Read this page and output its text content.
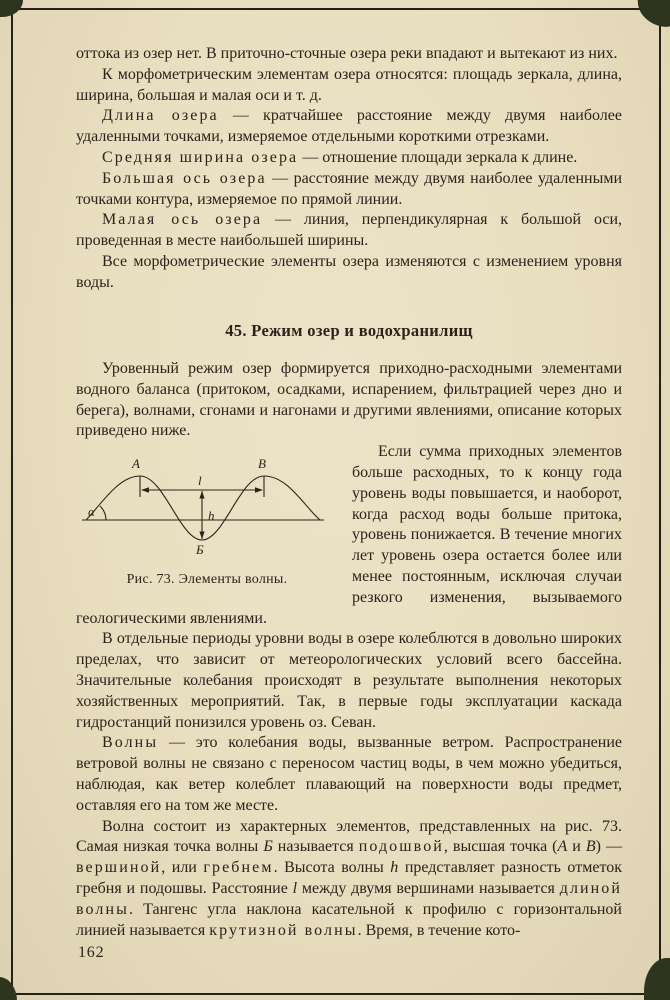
оттока из озер нет. В приточно-сточные озера реки впадают и вытекают из них.

К морфометрическим элементам озера относятся: площадь зеркала, длина, ширина, большая и малая оси и т. д.

Длина озера — кратчайшее расстояние между двумя наиболее удаленными точками, измеряемое отдельными короткими отрезками.

Средняя ширина озера — отношение площади зеркала к длине.

Большая ось озера — расстояние между двумя наиболее удаленными точками контура, измеряемое по прямой линии.

Малая ось озера — линия, перпендикулярная к большой оси, проведенная в месте наибольшей ширины.

Все морфометрические элементы озера изменяются с изменением уровня воды.

45. Режим озер и водохранилищ

Уровенный режим озер формируется приходно-расходными элементами водного баланса (притоком, осадками, испарением, фильтрацией через дно и берега), волнами, сгонами и нагонами и другими явлениями, описание которых приведено ниже.

А	В
l
h
Б
α
Рис. 73. Элементы волны.

Если сумма приходных элементов больше расходных, то к концу года уровень воды повышается, и наоборот, когда расход воды больше притока, уровень понижается. В течение многих лет уровень озера остается более или менее постоянным, исключая случаи резкого изменения, вызываемого геологическими явлениями.

В отдельные периоды уровни воды в озере колеблются в довольно широких пределах, что зависит от метеорологических условий всего бассейна. Значительные колебания происходят в результате выполнения некоторых хозяйственных мероприятий. Так, в первые годы эксплуатации каскада гидростанций понизился уровень оз. Севан.

Волны — это колебания воды, вызванные ветром. Распространение ветровой волны не связано с переносом частиц воды, в чем можно убедиться, наблюдая, как ветер колеблет плавающий на поверхности воды предмет, оставляя его на том же месте.

Волна состоит из характерных элементов, представленных на рис. 73. Самая низкая точка волны Б называется подошвой, высшая точка (А и В) — вершиной, или гребнем. Высота волны h представляет разность отметок гребня и подошвы. Расстояние l между двумя вершинами называется длиной волны. Тангенс угла наклона касательной к профилю с горизонтальной линией называется крутизной волны. Время, в течение кото-

162
